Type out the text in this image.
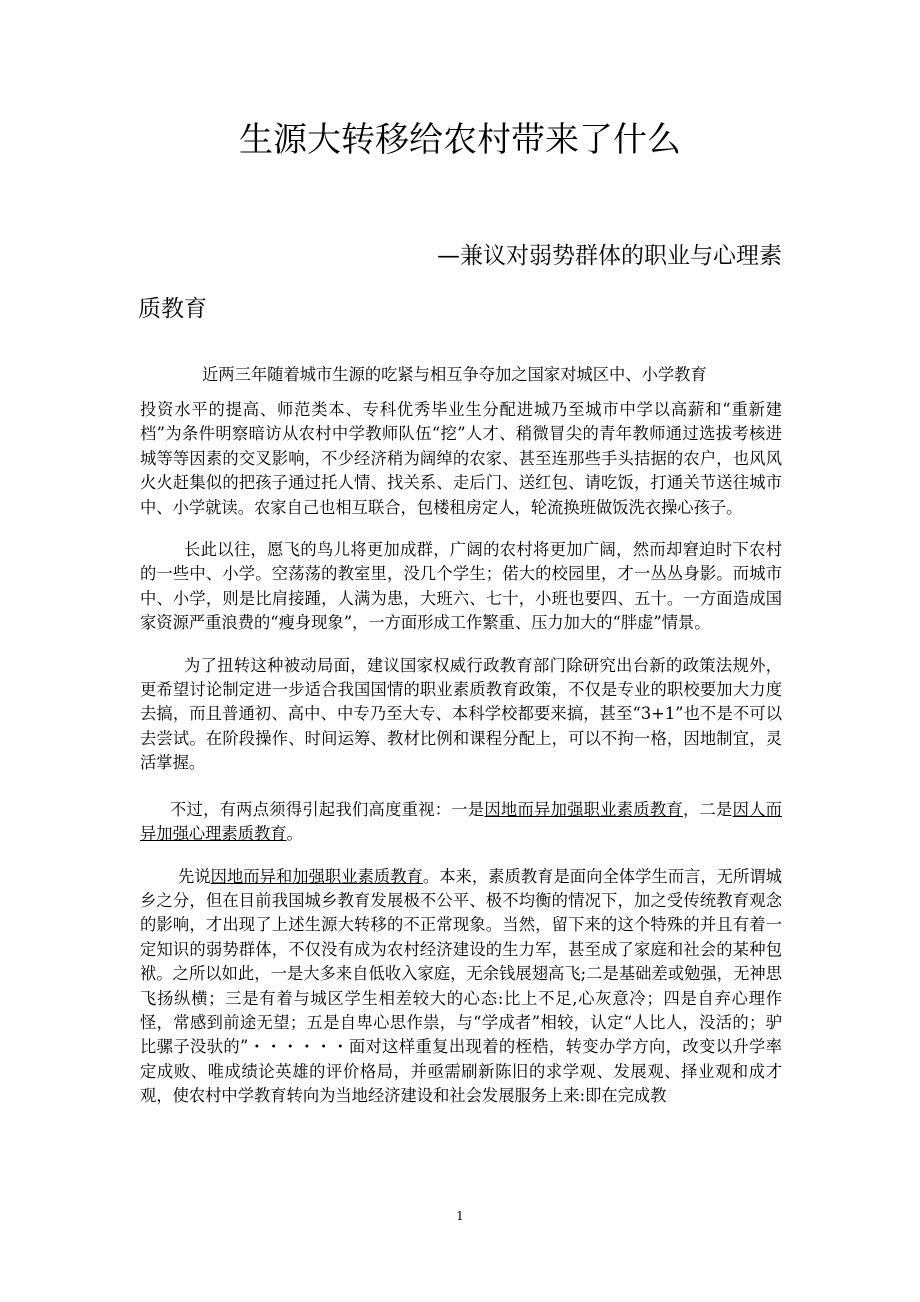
生源大转移给农村带来了什么
—兼议对弱势群体的职业与心理素
质教育

近两三年随着城市生源的吃紧与相互争夺加之国家对城区中、小学教育
投资水平的提高、师范类本、专科优秀毕业生分配进城乃至城市中学以高薪和“重新建档”为条件明察暗访从农村中学教师队伍“挖”人才、稍微冒尖的青年教师通过选拔考核进城等等因素的交叉影响，不少经济稍为阔绰的农家、甚至连那些手头拮据的农户，也风风火火赶集似的把孩子通过托人情、找关系、走后门、送红包、请吃饭，打通关节送往城市中、小学就读。农家自己也相互联合，包楼租房定人，轮流换班做饭洗衣操心孩子。

长此以往，愿飞的鸟儿将更加成群，广阔的农村将更加广阔，然而却窘迫时下农村的一些中、小学。空荡荡的教室里，没几个学生；偌大的校园里，才一丛丛身影。而城市中、小学，则是比肩接踵，人满为患，大班六、七十，小班也要四、五十。一方面造成国家资源严重浪费的“瘦身现象”，一方面形成工作繁重、压力加大的“胖虚”情景。

为了扭转这种被动局面，建议国家权威行政教育部门除研究出台新的政策法规外，更希望讨论制定进一步适合我国国情的职业素质教育政策，不仅是专业的职校要加大力度去搞，而且普通初、高中、中专乃至大专、本科学校都要来搞，甚至“3+1”也不是不可以去尝试。在阶段操作、时间运筹、教材比例和课程分配上，可以不拘一格，因地制宜，灵活掌握。

不过，有两点须得引起我们高度重视：一是因地而异加强职业素质教育，二是因人而异加强心理素质教育。

先说因地而异和加强职业素质教育。本来，素质教育是面向全体学生而言，无所谓城乡之分，但在目前我国城乡教育发展极不公平、极不均衡的情况下，加之受传统教育观念的影响，才出现了上述生源大转移的不正常现象。当然，留下来的这个特殊的并且有着一定知识的弱势群体，不仅没有成为农村经济建设的生力军，甚至成了家庭和社会的某种包袱。之所以如此，一是大多来自低收入家庭，无余钱展翅高飞;二是基础差或勉强，无神思飞扬纵横；三是有着与城区学生相差较大的心态:比上不足,心灰意冷；四是自弃心理作怪，常感到前途无望；五是自卑心思作祟，与“学成者”相较，认定“人比人，没活的；驴比骡子没驮的”・・・・・・面对这样重复出现着的桎梏，转变办学方向，改变以升学率定成败、唯成绩论英雄的评价格局，并亟需刷新陈旧的求学观、发展观、择业观和成才观，使农村中学教育转向为当地经济建设和社会发展服务上来:即在完成教

1
